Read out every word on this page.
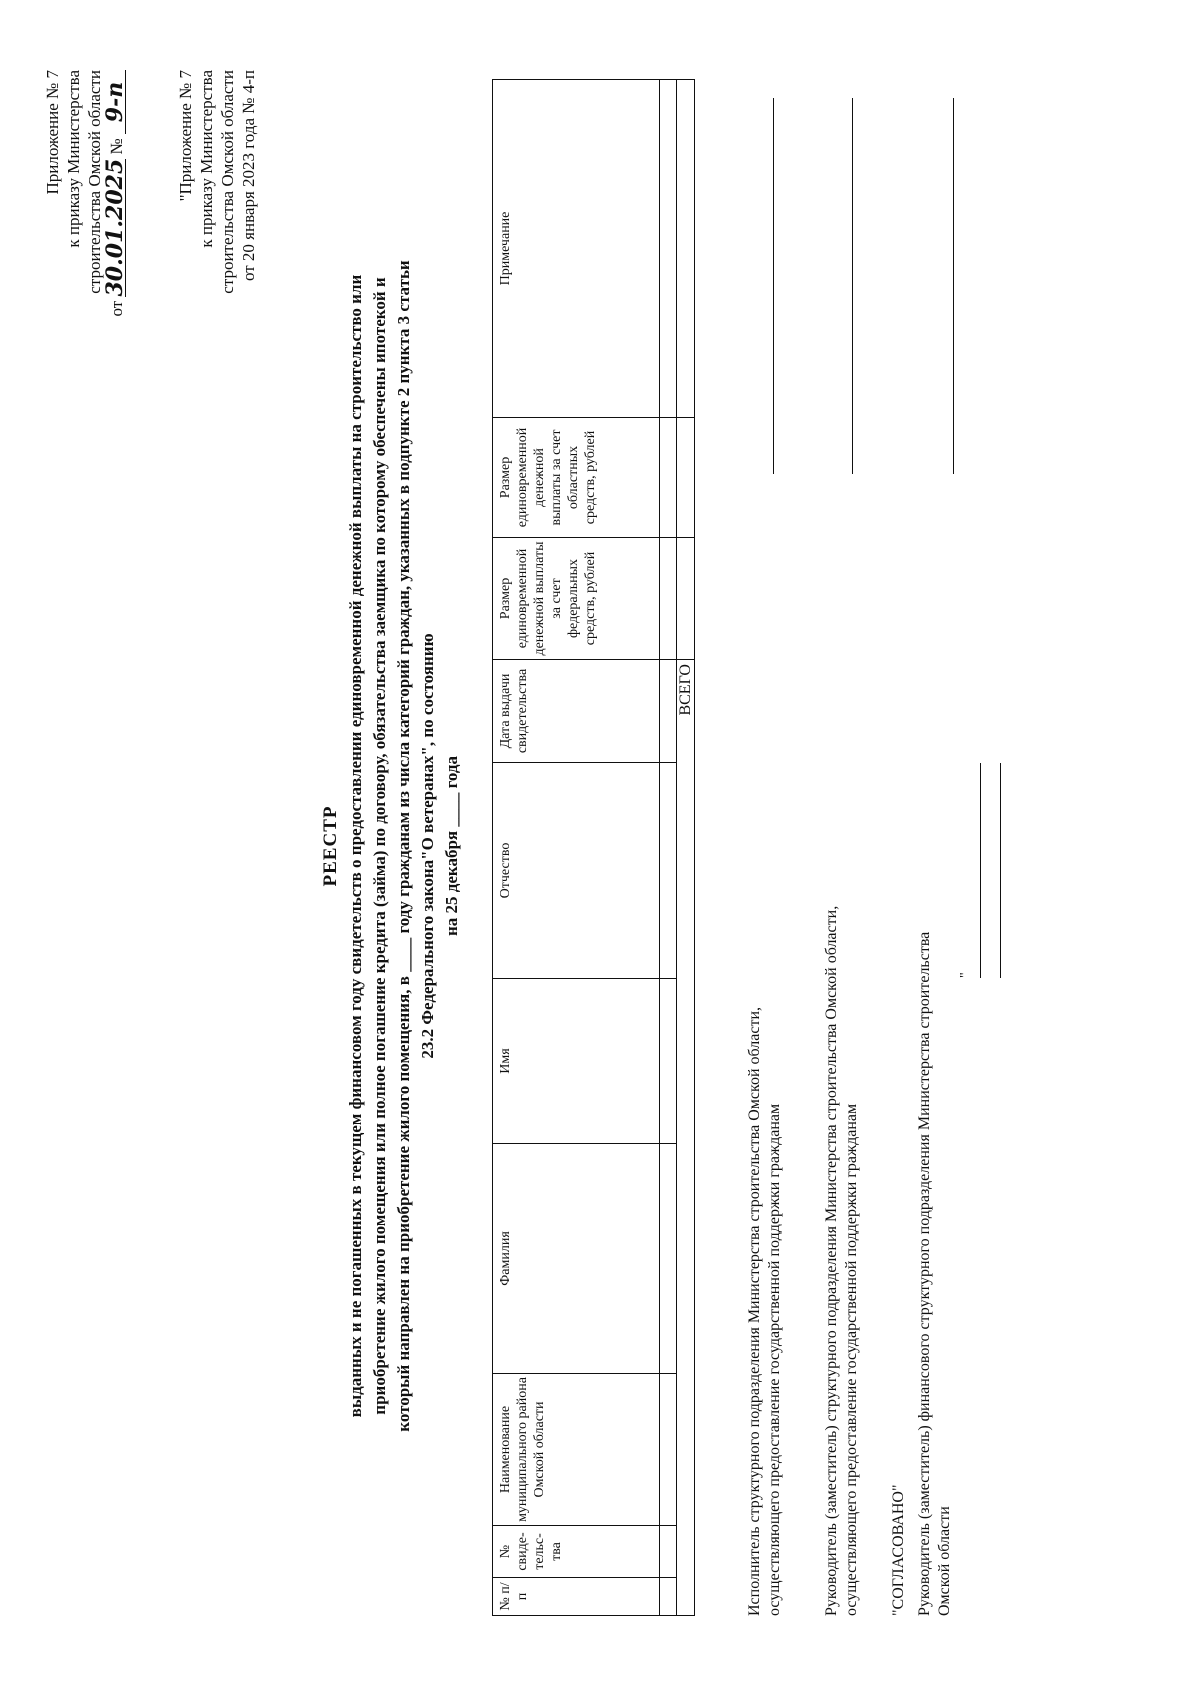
Приложение № 7 к приказу Министерства строительства Омской области
от 30.01.2025 № 9-п	"Приложение № 7 к приказу Министерства строительства Омской области от 20 января 2023 года № 4-п
РЕЕСТР выданных и не погашенных в текущем финансовом году свидетельств о предоставлении единовременной денежной выплаты на строительство или приобретение жилого помещения или полное погашение кредита (займа) по договору, обязательства заемщика по которому обеспечены ипотекой и который направлен на приобретение жилого помещения, в ____ году гражданам из числа категорий граждан, указанных в подпункте 2 пункта 3 статьи 23.2 Федерального закона"О ветеранах", по состоянию на 25 декабря ____ года
№ п/п	№ свиде-тельс-тва	Наименование муниципального района Омской области	Фамилия	Имя	Отчество	Дата выдачи свидетельства	Размер единовременной денежной выплаты за счет федеральных средств, рублей	Размер единовременной денежной выплаты за счет областных средств, рублей	Примечание

ВСЕГО									
Исполнитель структурного подразделения Министерства строительства Омской области, осуществляющего предоставление государственной поддержки гражданам	Руководитель (заместитель) структурного подразделения Министерства строительства Омской области, осуществляющего предоставление государственной поддержки гражданам "СОГЛАСОВАНО" Руководитель (заместитель) финансового структурного подразделения Министерства строительства Омской области
"
